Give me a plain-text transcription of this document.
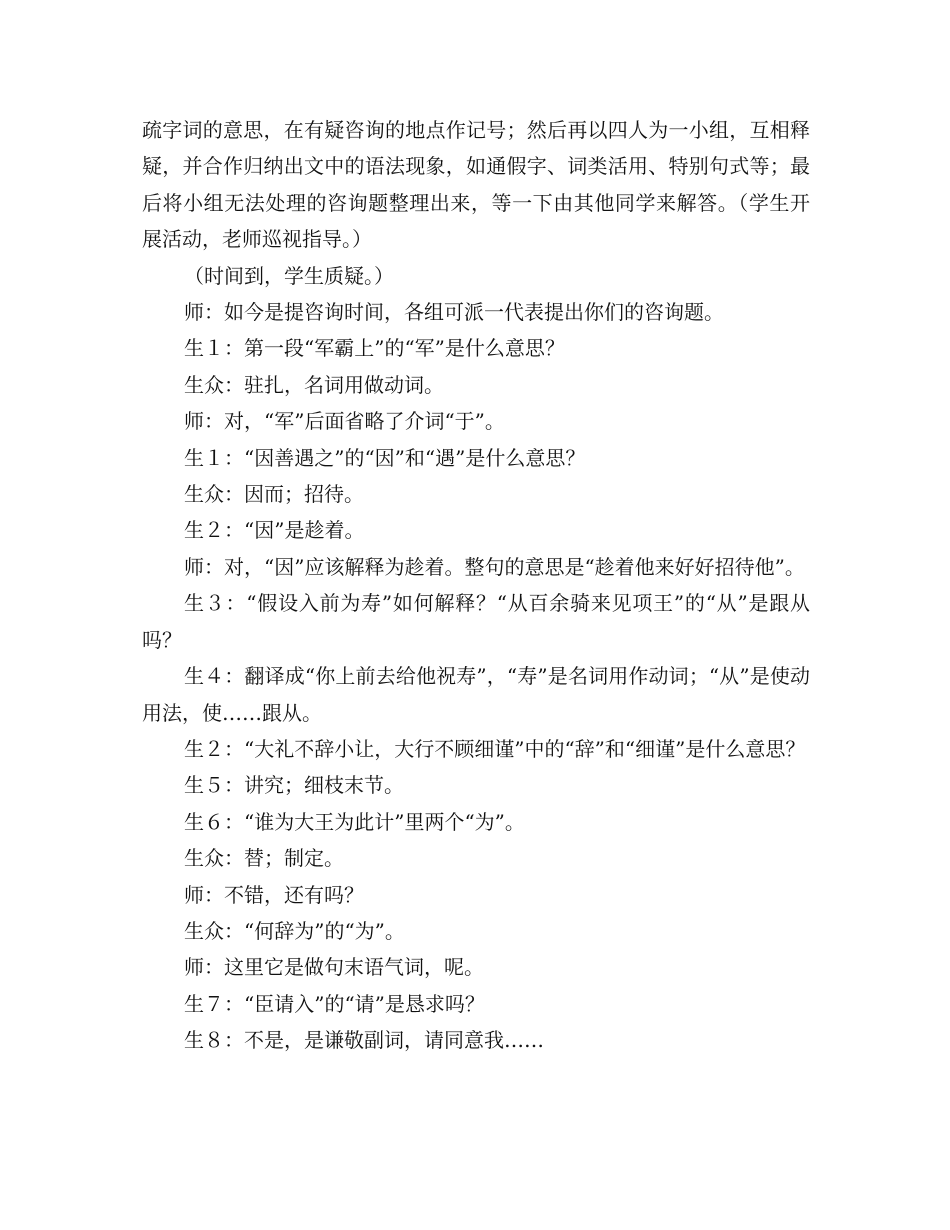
疏字词的意思，在有疑咨询的地点作记号；然后再以四人为一小组，互相释疑，并合作归纳出文中的语法现象，如通假字、词类活用、特别句式等；最后将小组无法处理的咨询题整理出来，等一下由其他同学来解答。（学生开展活动，老师巡视指导。）

（时间到，学生质疑。）

师：如今是提咨询时间，各组可派一代表提出你们的咨询题。

生１：第一段“军霸上”的“军”是什么意思？

生众：驻扎，名词用做动词。

师：对，“军”后面省略了介词“于”。

生１：“因善遇之”的“因”和“遇”是什么意思？

生众：因而；招待。

生２：“因”是趁着。

师：对，“因”应该解释为趁着。整句的意思是“趁着他来好好招待他”。

生３：“假设入前为寿”如何解释？“从百余骑来见项王”的“从”是跟从吗？

生４：翻译成“你上前去给他祝寿”，“寿”是名词用作动词；“从”是使动用法，使……跟从。

生２：“大礼不辞小让，大行不顾细谨”中的“辞”和“细谨”是什么意思？

生５：讲究；细枝末节。

生６：“谁为大王为此计”里两个“为”。

生众：替；制定。

师：不错，还有吗？

生众：“何辞为”的“为”。

师：这里它是做句末语气词，呢。

生７：“臣请入”的“请”是恳求吗？

生８：不是，是谦敬副词，请同意我……
